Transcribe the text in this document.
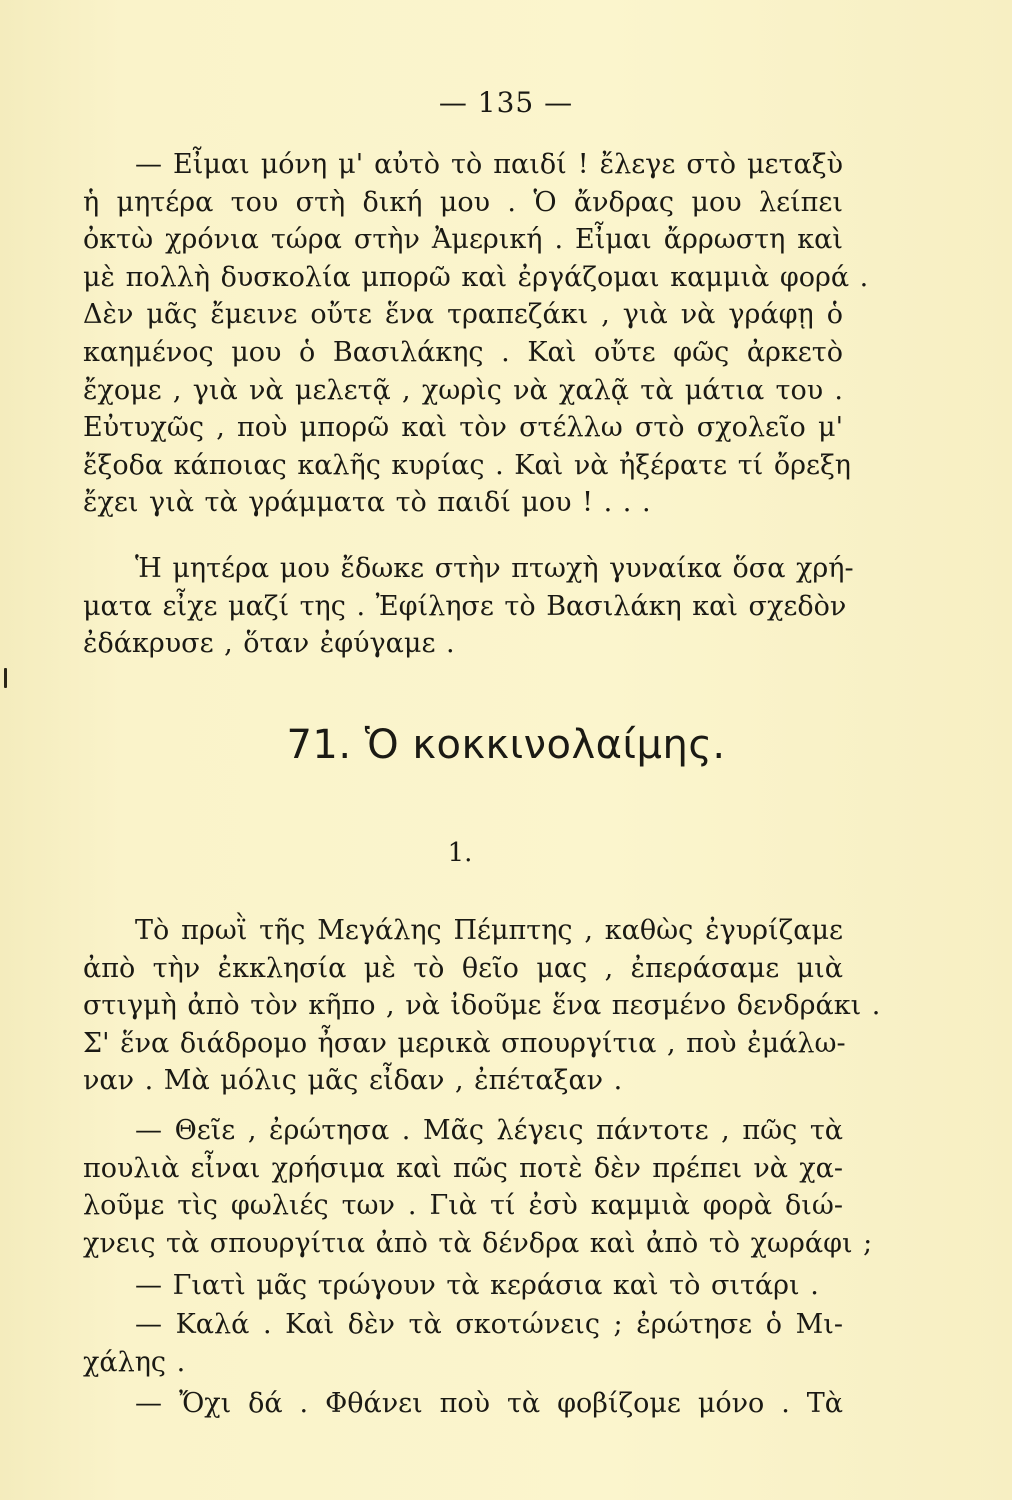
— 135 —
— Εἶμαι μόνη μ' αὐτὸ τὸ παιδί ! ἔλεγε στὸ μεταξὺ
ἡ μητέρα του στὴ δική μου . Ὁ ἄνδρας μου λείπει
ὀκτὼ χρόνια τώρα στὴν Ἀμερική . Εἶμαι ἄρρωστη καὶ
μὲ πολλὴ δυσκολία μπορῶ καὶ ἐργάζομαι καμμιὰ φορά .
Δὲν μᾶς ἔμεινε οὔτε ἕνα τραπεζάκι , γιὰ νὰ γράφῃ ὁ
καημένος μου ὁ Βασιλάκης . Καὶ οὔτε φῶς ἀρκετὸ
ἔχομε , γιὰ νὰ μελετᾷ , χωρὶς νὰ χαλᾷ τὰ μάτια του .
Εὐτυχῶς , ποὺ μπορῶ καὶ τὸν στέλλω στὸ σχολεῖο μ'
ἔξοδα κάποιας καλῆς κυρίας . Καὶ νὰ ἠξέρατε τί ὄρεξη
ἔχει γιὰ τὰ γράμματα τὸ παιδί μου ! . . .
Ἡ μητέρα μου ἔδωκε στὴν πτωχὴ γυναίκα ὅσα χρή-
ματα εἶχε μαζί της . Ἐφίλησε τὸ Βασιλάκη καὶ σχεδὸν
ἐδάκρυσε , ὅταν ἐφύγαμε .
71. Ὁ κοκκινολαίμης.
1.
Τὸ πρωῒ τῆς Μεγάλης Πέμπτης , καθὼς ἐγυρίζαμε
ἀπὸ τὴν ἐκκλησία μὲ τὸ θεῖο μας , ἐπεράσαμε μιὰ
στιγμὴ ἀπὸ τὸν κῆπο , νὰ ἰδοῦμε ἕνα πεσμένο δενδράκι .
Σ' ἕνα διάδρομο ἦσαν μερικὰ σπουργίτια , ποὺ ἐμάλω-
ναν . Μὰ μόλις μᾶς εἶδαν , ἐπέταξαν .
— Θεῖε , ἐρώτησα . Μᾶς λέγεις πάντοτε , πῶς τὰ
πουλιὰ εἶναι χρήσιμα καὶ πῶς ποτὲ δὲν πρέπει νὰ χα-
λοῦμε τὶς φωλιές των . Γιὰ τί ἐσὺ καμμιὰ φορὰ διώ-
χνεις τὰ σπουργίτια ἀπὸ τὰ δένδρα καὶ ἀπὸ τὸ χωράφι ;
— Γιατὶ μᾶς τρώγουν τὰ κεράσια καὶ τὸ σιτάρι .
— Καλά . Καὶ δὲν τὰ σκοτώνεις ; ἐρώτησε ὁ Μι-
χάλης .
— Ὄχι δά . Φθάνει ποὺ τὰ φοβίζομε μόνο . Τὰ
